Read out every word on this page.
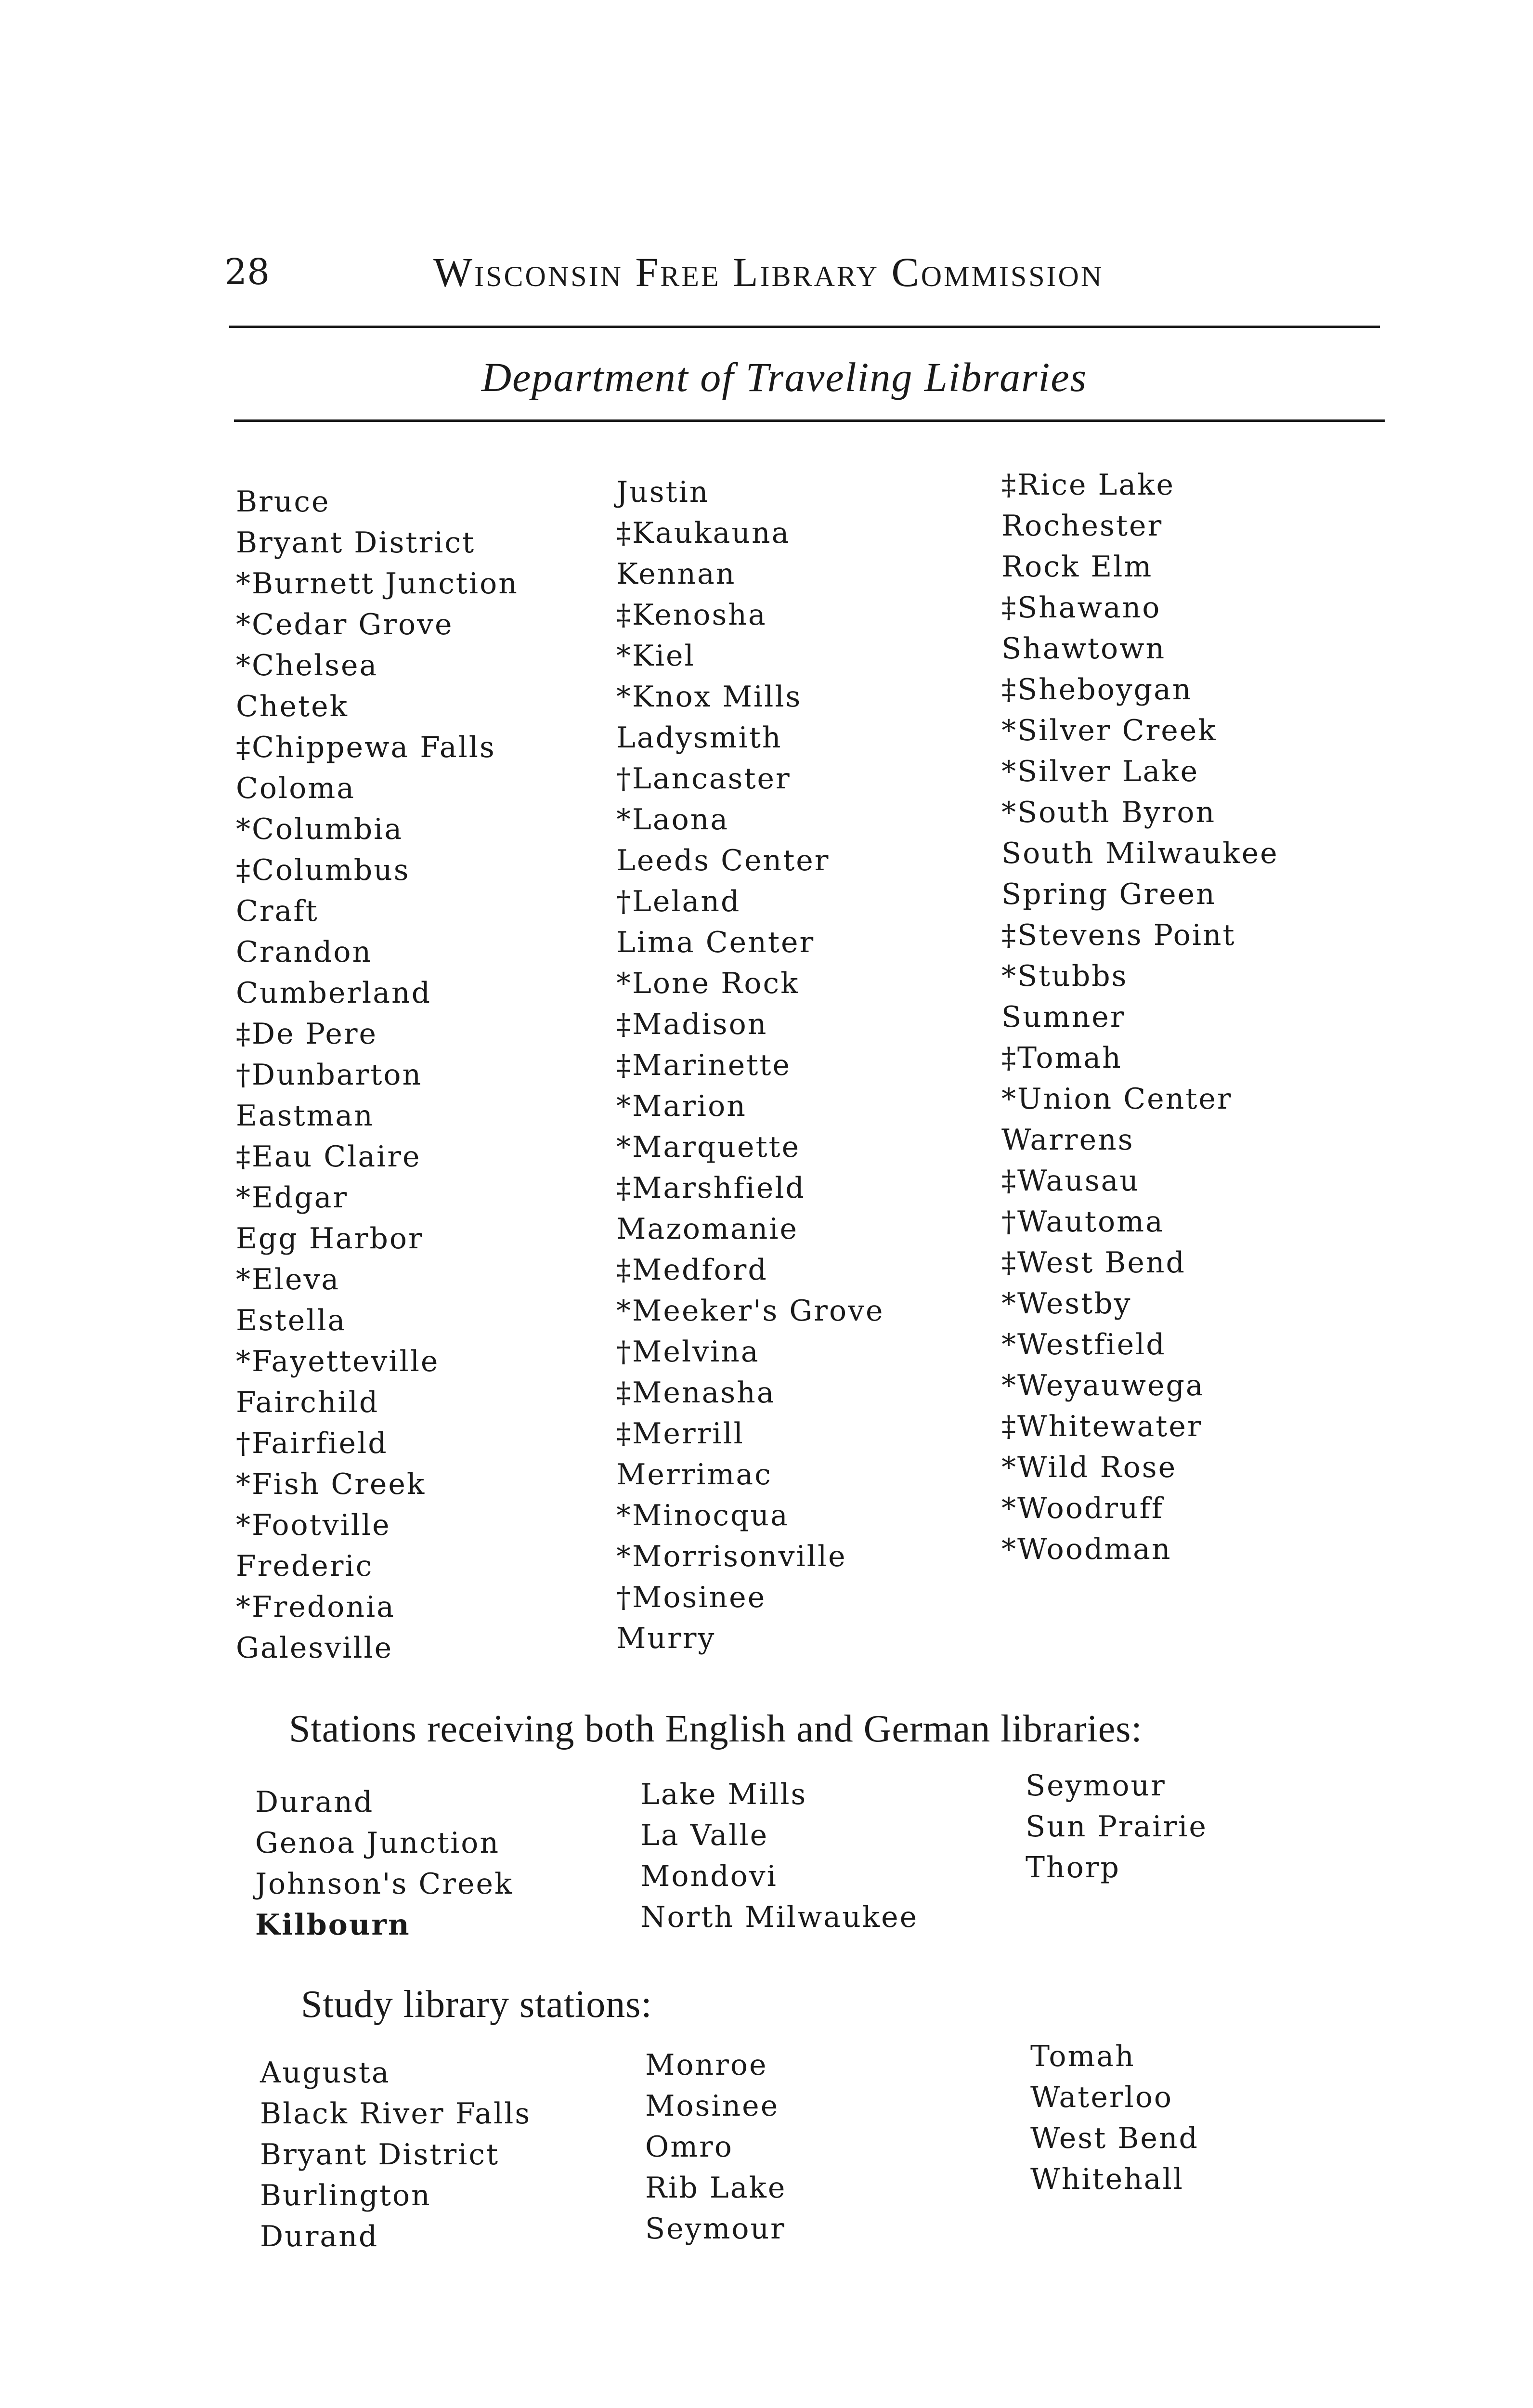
28	Wisconsin Free Library Commission
Department of Traveling Libraries
Bruce
Bryant District
*Burnett Junction
*Cedar Grove
*Chelsea
Chetek
‡Chippewa Falls
Coloma
*Columbia
‡Columbus
Craft
Crandon
Cumberland
‡De Pere
†Dunbarton
Eastman
‡Eau Claire
*Edgar
Egg Harbor
*Eleva
Estella
*Fayetteville
Fairchild
†Fairfield
*Fish Creek
*Footville
Frederic
*Fredonia
Galesville
Justin
‡Kaukauna
Kennan
‡Kenosha
*Kiel
*Knox Mills
Ladysmith
†Lancaster
*Laona
Leeds Center
†Leland
Lima Center
*Lone Rock
‡Madison
‡Marinette
*Marion
*Marquette
‡Marshfield
Mazomanie
‡Medford
*Meeker's Grove
†Melvina
‡Menasha
‡Merrill
Merrimac
*Minocqua
*Morrisonville
†Mosinee
Murry
‡Rice Lake
Rochester
Rock Elm
‡Shawano
Shawtown
‡Sheboygan
*Silver Creek
*Silver Lake
*South Byron
South Milwaukee
Spring Green
‡Stevens Point
*Stubbs
Sumner
‡Tomah
*Union Center
Warrens
‡Wausau
†Wautoma
‡West Bend
*Westby
*Westfield
*Weyauwega
‡Whitewater
*Wild Rose
*Woodruff
*Woodman
Stations receiving both English and German libraries:
Durand
Genoa Junction
Johnson's Creek
Kilbourn
Lake Mills
La Valle
Mondovi
North Milwaukee
Seymour
Sun Prairie
Thorp
Study library stations:
Augusta
Black River Falls
Bryant District
Burlington
Durand
Monroe
Mosinee
Omro
Rib Lake
Seymour
Tomah
Waterloo
West Bend
Whitehall
